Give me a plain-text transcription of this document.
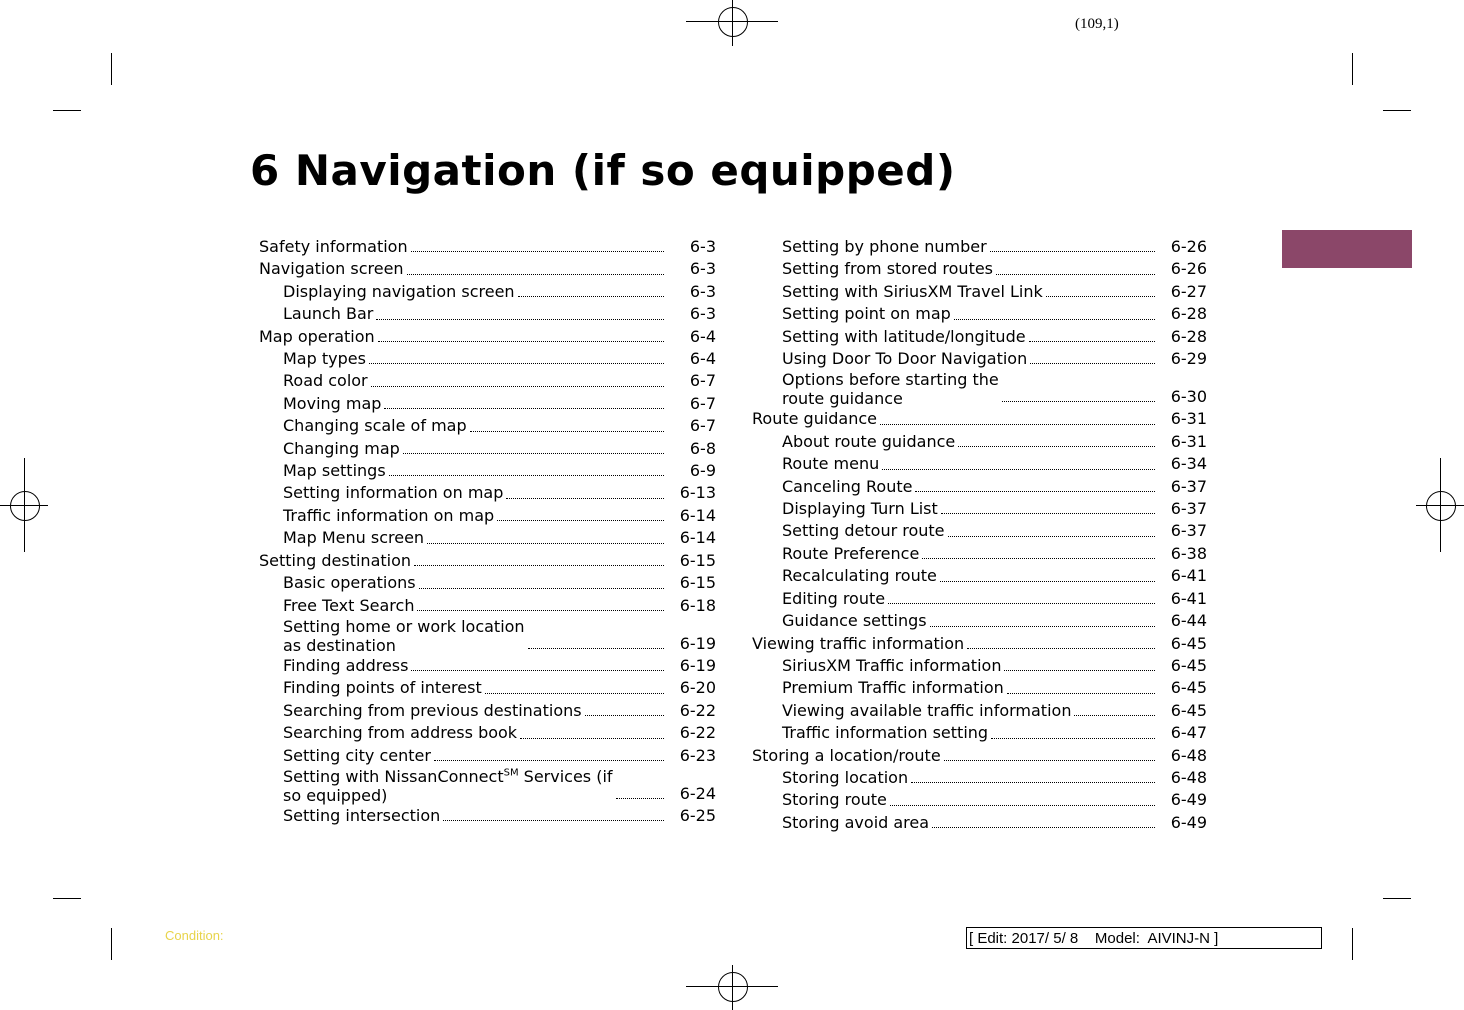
(109,1)
6 Navigation (if so equipped)
Safety information	6-3
Navigation screen	6-3
Displaying navigation screen	6-3
Launch Bar	6-3
Map operation	6-4
Map types	6-4
Road color	6-7
Moving map	6-7
Changing scale of map	6-7
Changing map	6-8
Map settings	6-9
Setting information on map	6-13
Traffic information on map	6-14
Map Menu screen	6-14
Setting destination	6-15
Basic operations	6-15
Free Text Search	6-18
Setting home or work location
as destination	6-19
Finding address	6-19
Finding points of interest	6-20
Searching from previous destinations	6-22
Searching from address book	6-22
Setting city center	6-23
Setting with NissanConnect℠ Services (if
so equipped)	6-24
Setting intersection	6-25
Setting by phone number	6-26
Setting from stored routes	6-26
Setting with SiriusXM Travel Link	6-27
Setting point on map	6-28
Setting with latitude/longitude	6-28
Using Door To Door Navigation	6-29
Options before starting the
route guidance	6-30
Route guidance	6-31
About route guidance	6-31
Route menu	6-34
Canceling Route	6-37
Displaying Turn List	6-37
Setting detour route	6-37
Route Preference	6-38
Recalculating route	6-41
Editing route	6-41
Guidance settings	6-44
Viewing traffic information	6-45
SiriusXM Traffic information	6-45
Premium Traffic information	6-45
Viewing available traffic information	6-45
Traffic information setting	6-47
Storing a location/route	6-48
Storing location	6-48
Storing route	6-49
Storing avoid area	6-49
Condition:	[ Edit: 2017/ 5/ 8    Model:  AIVINJ-N ]
